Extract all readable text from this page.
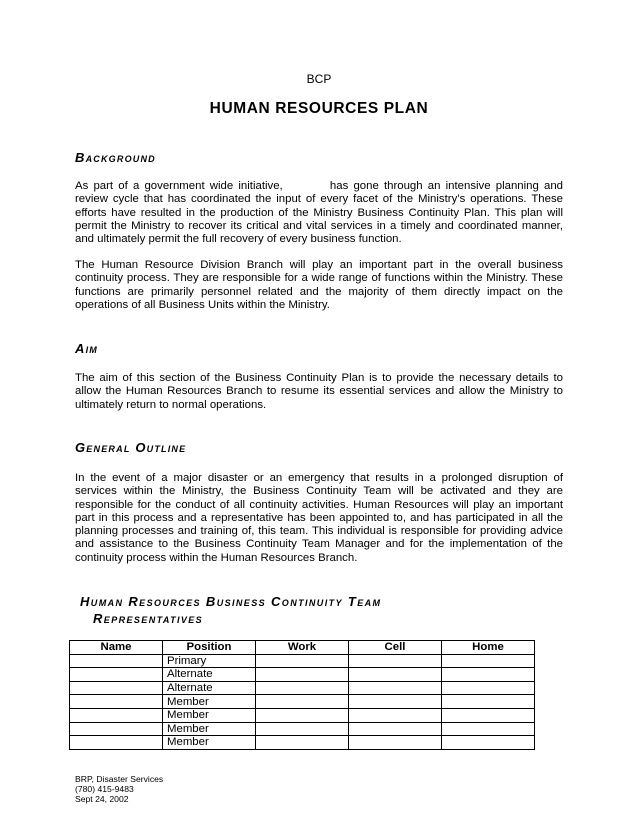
BCP
HUMAN RESOURCES PLAN
Background
As part of a government wide initiative,	has gone through an intensive planning and review cycle that has coordinated the input of every facet of the Ministry’s operations. These efforts have resulted in the production of the Ministry Business Continuity Plan. This plan will permit the Ministry to recover its critical and vital services in a timely and coordinated manner, and ultimately permit the full recovery of every business function.
The Human Resource Division Branch will play an important part in the overall business continuity process. They are responsible for a wide range of functions within the Ministry. These functions are primarily personnel related and the majority of them directly impact on the operations of all Business Units within the Ministry.
Aim
The aim of this section of the Business Continuity Plan is to provide the necessary details to allow the Human Resources Branch to resume its essential services and allow the Ministry to ultimately return to normal operations.
General Outline
In the event of a major disaster or an emergency that results in a prolonged disruption of services within the Ministry, the Business Continuity Team will be activated and they are responsible for the conduct of all continuity activities. Human Resources will play an important part in this process and a representative has been appointed to, and has participated in all the planning processes and training of, this team. This individual is responsible for providing advice and assistance to the Business Continuity Team Manager and for the implementation of the continuity process within the Human Resources Branch.
Human Resources Business Continuity Team
Representatives
Name	Position	Work	Cell	Home
	Primary			
	Alternate			
	Alternate			
	Member			
	Member			
	Member			
	Member			
BRP, Disaster Services
(780) 415-9483
Sept 24, 2002
